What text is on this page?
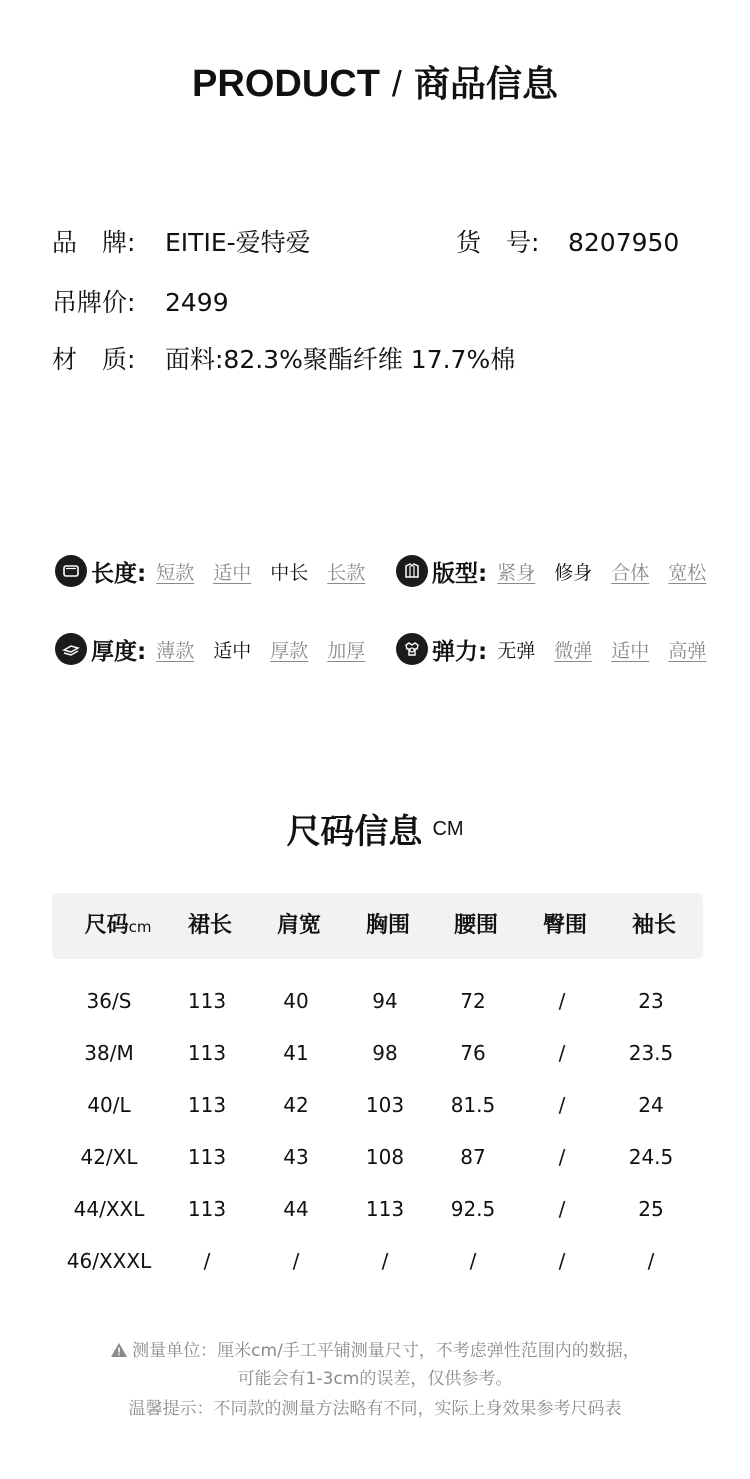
PRODUCT / 商品信息
品　牌: EITIE-爱特爱	货　号: 8207950
吊牌价: 2499
材　质: 面料:82.3%聚酯纤维 17.7%棉
长度: 短款 适中 中长 长款	版型: 紧身 修身 合体 宽松
厚度: 薄款 适中 厚款 加厚	弹力: 无弹 微弹 适中 高弹
尺码信息 $^{CM}$
尺码cm	裙长	肩宽	胸围	腰围	臀围	袖长
36/S	113	40	94	72	/	23
38/M	113	41	98	76	/	23.5
40/L	113	42	103	81.5	/	24
42/XL	113	43	108	87	/	24.5
44/XXL	113	44	113	92.5	/	25
46/XXXL	/	/	/	/	/	/
测量单位：厘米cm/手工平铺测量尺寸，不考虑弹性范围内的数据，
可能会有1-3cm的误差，仅供参考。
温馨提示：不同款的测量方法略有不同，实际上身效果参考尺码表
